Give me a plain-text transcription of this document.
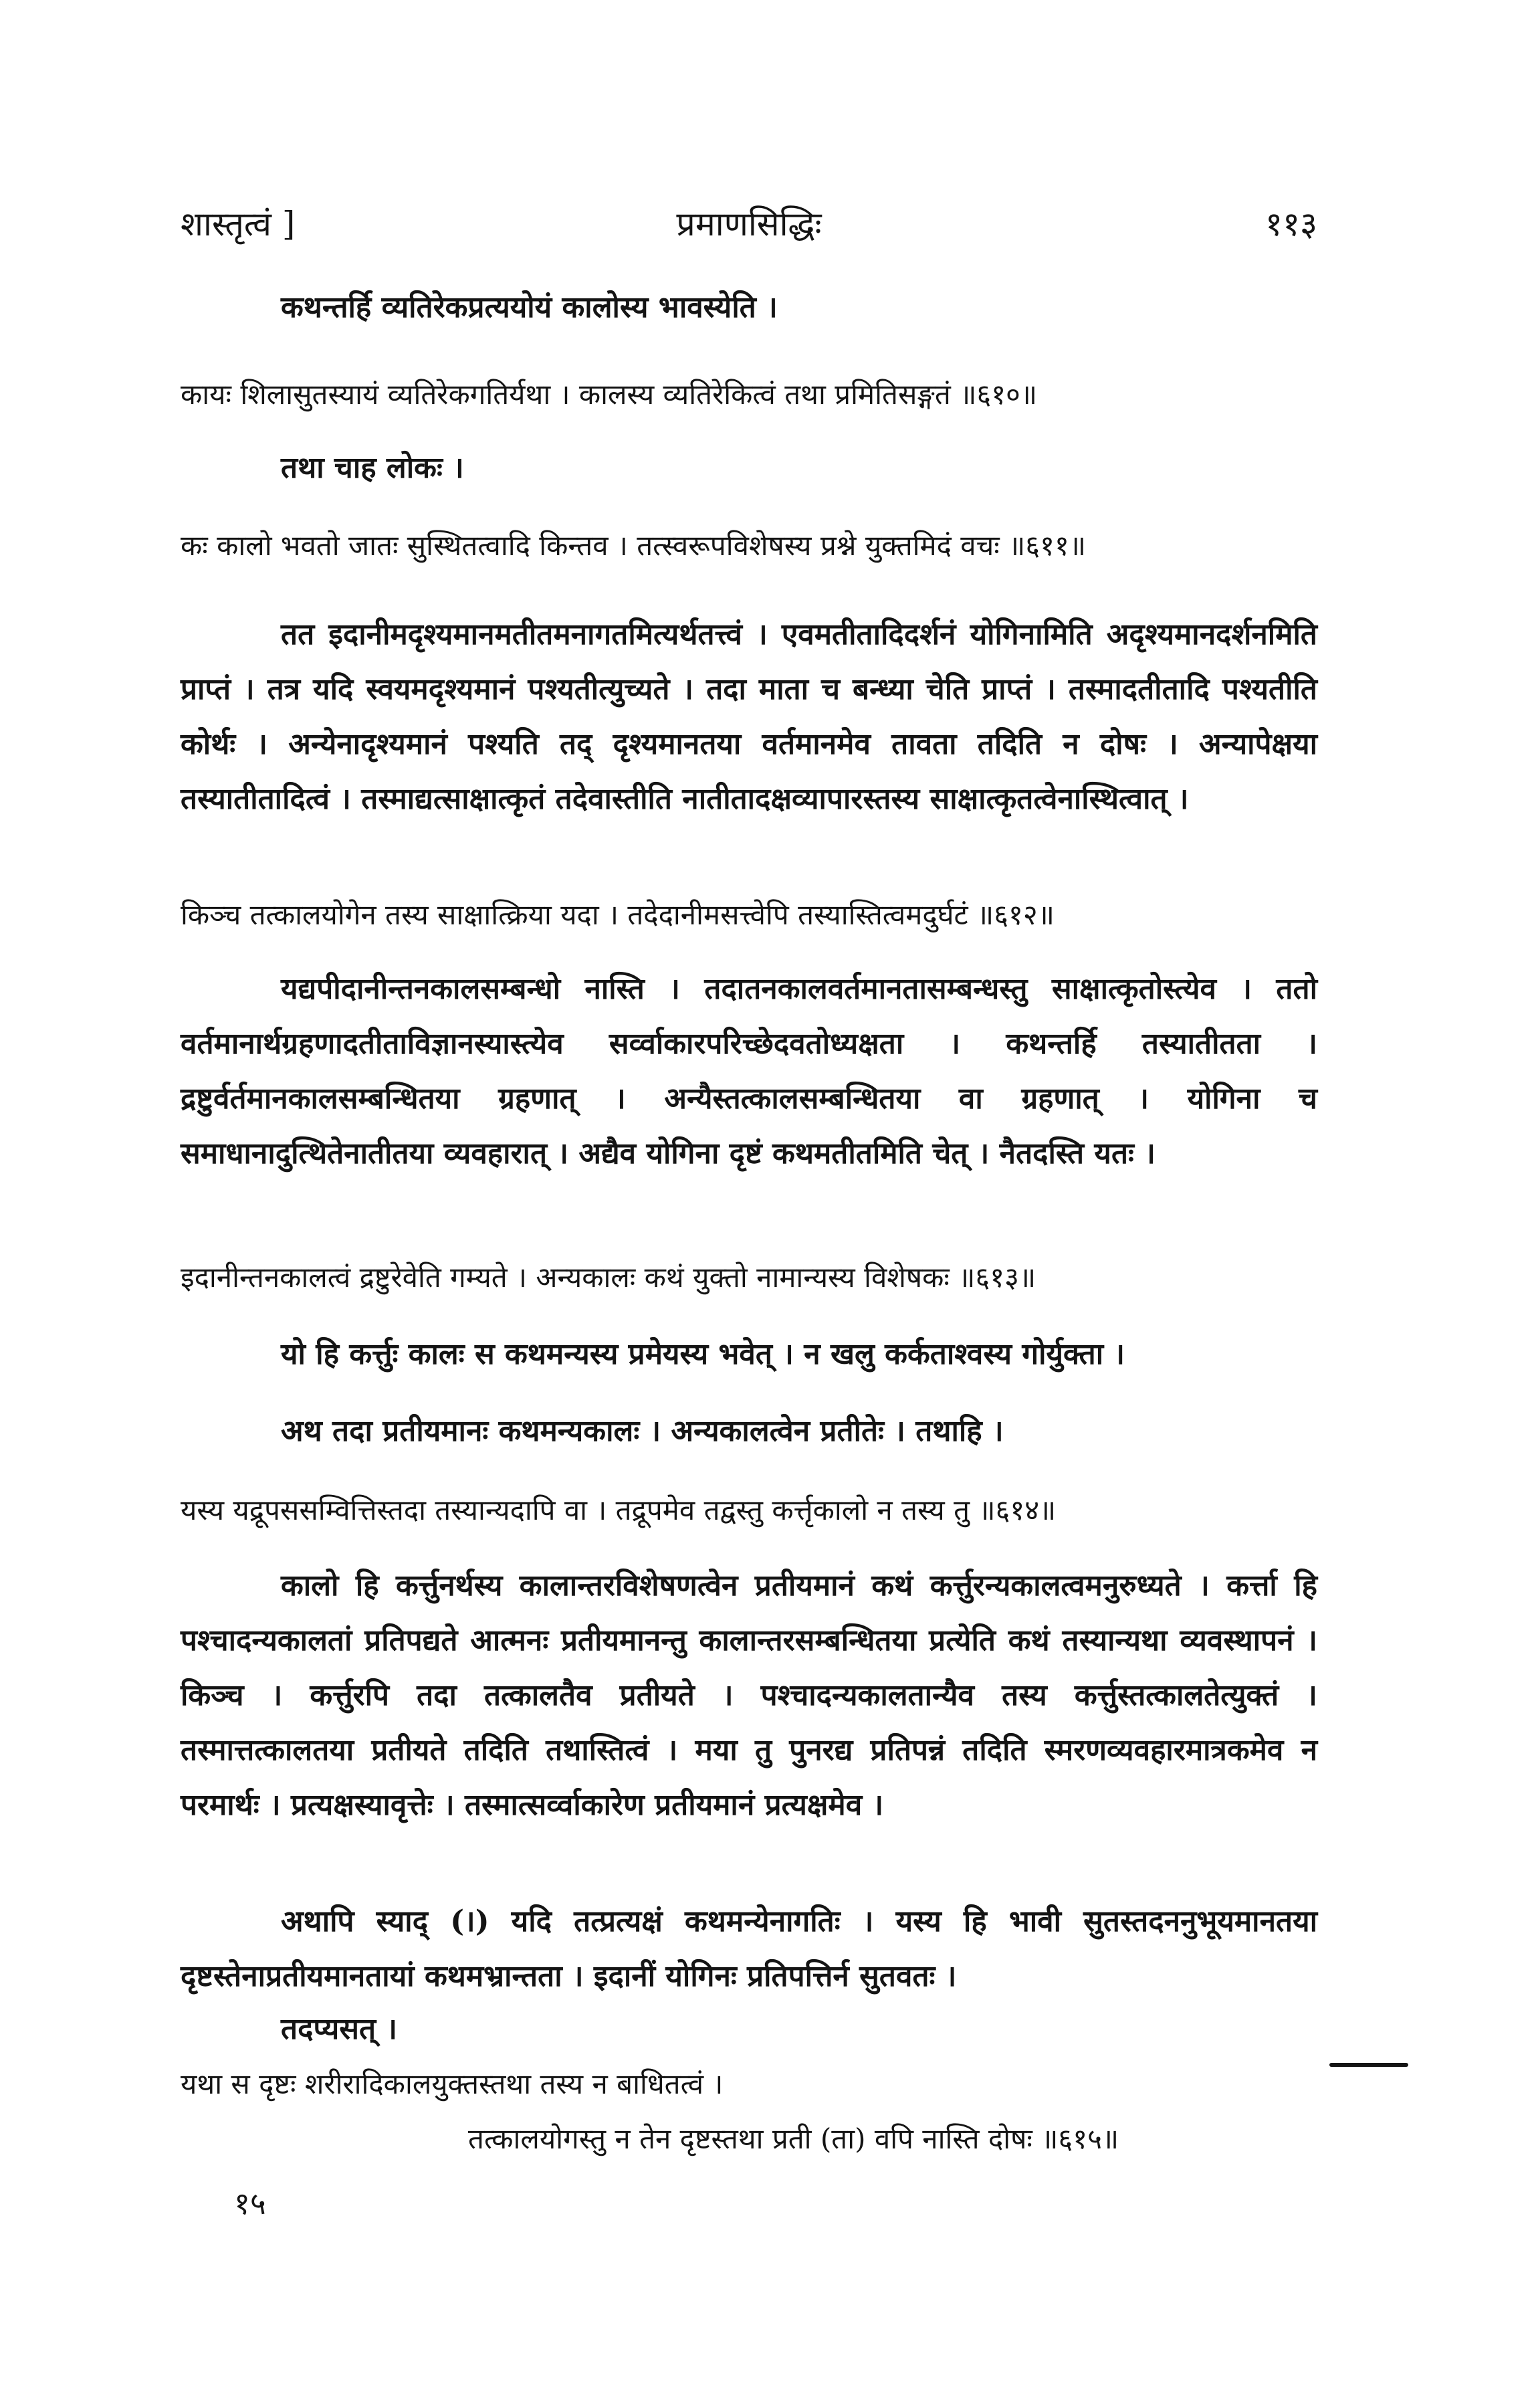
शास्तृत्वं ]	प्रमाणसिद्धिः	११३
कथन्तर्हि व्यतिरेकप्रत्ययोयं कालोस्य भावस्येति ।
कायः शिलासुतस्यायं व्यतिरेकगतिर्यथा । कालस्य व्यतिरेकित्वं तथा प्रमितिसङ्गतं ॥६१०॥
तथा चाह लोकः ।
कः कालो भवतो जातः सुस्थितत्वादि किन्तव । तत्स्वरूपविशेषस्य प्रश्ने युक्तमिदं वचः ॥६११॥
तत इदानीमदृश्यमानमतीतमनागतमित्यर्थतत्त्वं । एवमतीतादिदर्शनं योगिनामिति अदृश्यमानदर्शनमिति प्राप्तं । तत्र यदि स्वयमदृश्यमानं पश्यतीत्युच्यते । तदा माता च बन्ध्या चेति प्राप्तं । तस्मादतीतादि पश्यतीति कोर्थः । अन्येनादृश्यमानं पश्यति तद् दृश्यमानतया वर्तमानमेव तावता तदिति न दोषः । अन्यापेक्षया तस्यातीतादित्वं । तस्माद्यत्साक्षात्कृतं तदेवास्तीति नातीतादक्षव्यापारस्तस्य साक्षात्कृतत्वेनास्थित्वात् ।
किञ्च तत्कालयोगेन तस्य साक्षात्क्रिया यदा । तदेदानीमसत्त्वेपि तस्यास्तित्वमदुर्घटं ॥६१२॥
यद्यपीदानीन्तनकालसम्बन्धो नास्ति । तदातनकालवर्तमानतासम्बन्धस्तु साक्षात्कृतोस्त्येव । ततो वर्तमानार्थग्रहणादतीताविज्ञानस्यास्त्येव सर्व्वाकारपरिच्छेदवतोध्यक्षता । कथन्तर्हि तस्यातीतता । द्रष्टुर्वर्तमानकालसम्बन्धितया ग्रहणात् । अन्यैस्तत्कालसम्बन्धितया वा ग्रहणात् । योगिना च समाधानादुत्थितेनातीतया व्यवहारात् । अद्यैव योगिना दृष्टं कथमतीतमिति चेत् । नैतदस्ति यतः ।
इदानीन्तनकालत्वं द्रष्टुरेवेति गम्यते । अन्यकालः कथं युक्तो नामान्यस्य विशेषकः ॥६१३॥
यो हि कर्त्तुः कालः स कथमन्यस्य प्रमेयस्य भवेत् । न खलु कर्कताश्वस्य गोर्युक्ता ।
अथ तदा प्रतीयमानः कथमन्यकालः । अन्यकालत्वेन प्रतीतेः । तथाहि ।
यस्य यद्रूपससम्वित्तिस्तदा तस्यान्यदापि वा । तद्रूपमेव तद्वस्तु कर्त्तृकालो न तस्य तु ॥६१४॥
कालो हि कर्त्तुनर्थस्य कालान्तरविशेषणत्वेन प्रतीयमानं कथं कर्त्तुरन्यकालत्वमनुरुध्यते । कर्त्ता हि पश्चादन्यकालतां प्रतिपद्यते आत्मनः प्रतीयमानन्तु कालान्तरसम्बन्धितया प्रत्येति कथं तस्यान्यथा व्यवस्थापनं । किञ्च । कर्त्तुरपि तदा तत्कालतैव प्रतीयते । पश्चादन्यकालतान्यैव तस्य कर्त्तुस्तत्कालतेत्युक्तं । तस्मात्तत्कालतया प्रतीयते तदिति तथास्तित्वं । मया तु पुनरद्य प्रतिपन्नं तदिति स्मरणव्यवहारमात्रकमेव न परमार्थः । प्रत्यक्षस्यावृत्तेः । तस्मात्सर्व्वाकारेण प्रतीयमानं प्रत्यक्षमेव ।
अथापि स्याद् (।) यदि तत्प्रत्यक्षं कथमन्येनागतिः । यस्य हि भावी सुतस्तदननुभूयमानतया दृष्टस्तेनाप्रतीयमानतायां कथमभ्रान्तता । इदानीं योगिनः प्रतिपत्तिर्न सुतवतः ।
तदप्यसत् ।
यथा स दृष्टः शरीरादिकालयुक्तस्तथा तस्य न बाधितत्वं ।
तत्कालयोगस्तु न तेन दृष्टस्तथा प्रती (ता) वपि नास्ति दोषः ॥६१५॥
१५
